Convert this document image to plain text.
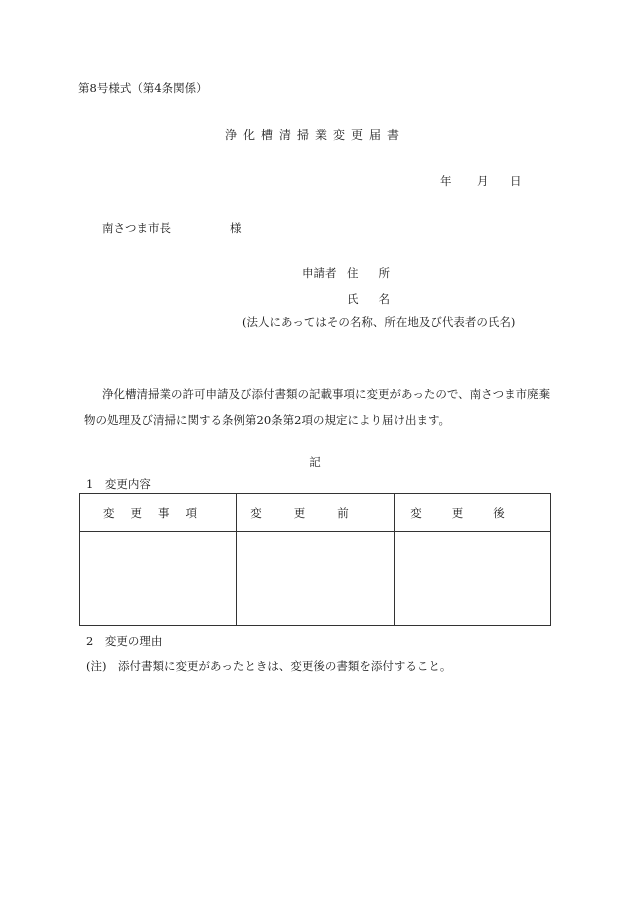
第8号様式（第4条関係）
浄化槽清掃業変更届書
年 月 日
南さつま市長	様
申請者 住所
氏名
(法人にあってはその名称、所在地及び代表者の氏名)
浄化槽清掃業の許可申請及び添付書類の記載事項に変更があったので、南さつま市廃棄物の処理及び清掃に関する条例第20条第2項の規定により届け出ます。
記
1　変更内容
変更事項	変更前	変更後

2　変更の理由
(注)　添付書類に変更があったときは、変更後の書類を添付すること。
